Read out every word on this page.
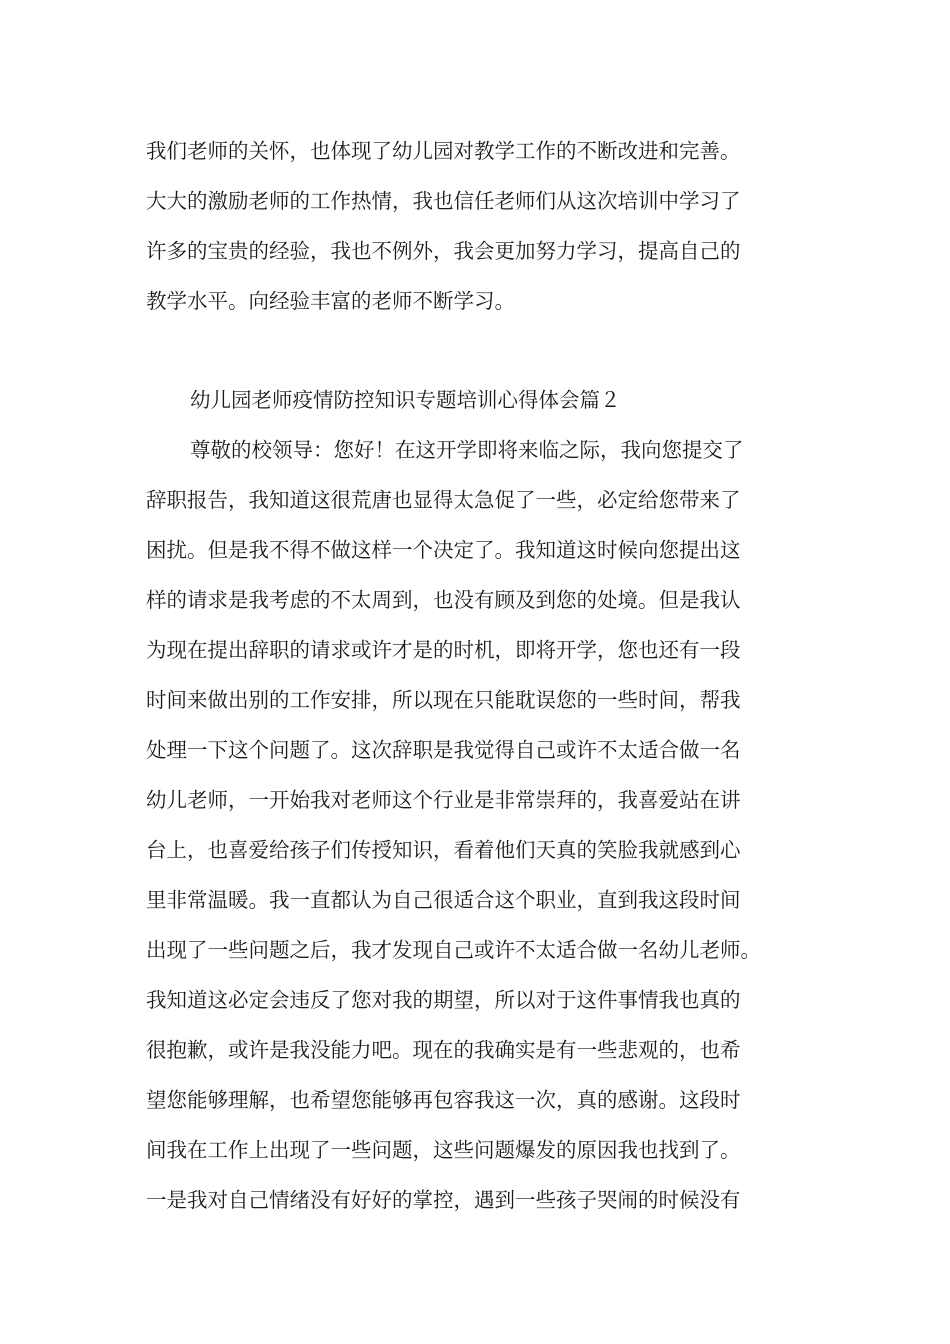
我们老师的关怀，也体现了幼儿园对教学工作的不断改进和完善。
大大的激励老师的工作热情，我也信任老师们从这次培训中学习了
许多的宝贵的经验，我也不例外，我会更加努力学习，提高自己的
教学水平。向经验丰富的老师不断学习。
幼儿园老师疫情防控知识专题培训心得体会篇２
尊敬的校领导：您好！在这开学即将来临之际，我向您提交了
辞职报告，我知道这很荒唐也显得太急促了一些，必定给您带来了
困扰。但是我不得不做这样一个决定了。我知道这时候向您提出这
样的请求是我考虑的不太周到，也没有顾及到您的处境。但是我认
为现在提出辞职的请求或许才是的时机，即将开学，您也还有一段
时间来做出别的工作安排，所以现在只能耽误您的一些时间，帮我
处理一下这个问题了。这次辞职是我觉得自己或许不太适合做一名
幼儿老师，一开始我对老师这个行业是非常崇拜的，我喜爱站在讲
台上，也喜爱给孩子们传授知识，看着他们天真的笑脸我就感到心
里非常温暖。我一直都认为自己很适合这个职业，直到我这段时间
出现了一些问题之后，我才发现自己或许不太适合做一名幼儿老师。
我知道这必定会违反了您对我的期望，所以对于这件事情我也真的
很抱歉，或许是我没能力吧。现在的我确实是有一些悲观的，也希
望您能够理解，也希望您能够再包容我这一次，真的感谢。这段时
间我在工作上出现了一些问题，这些问题爆发的原因我也找到了。
一是我对自己情绪没有好好的掌控，遇到一些孩子哭闹的时候没有
